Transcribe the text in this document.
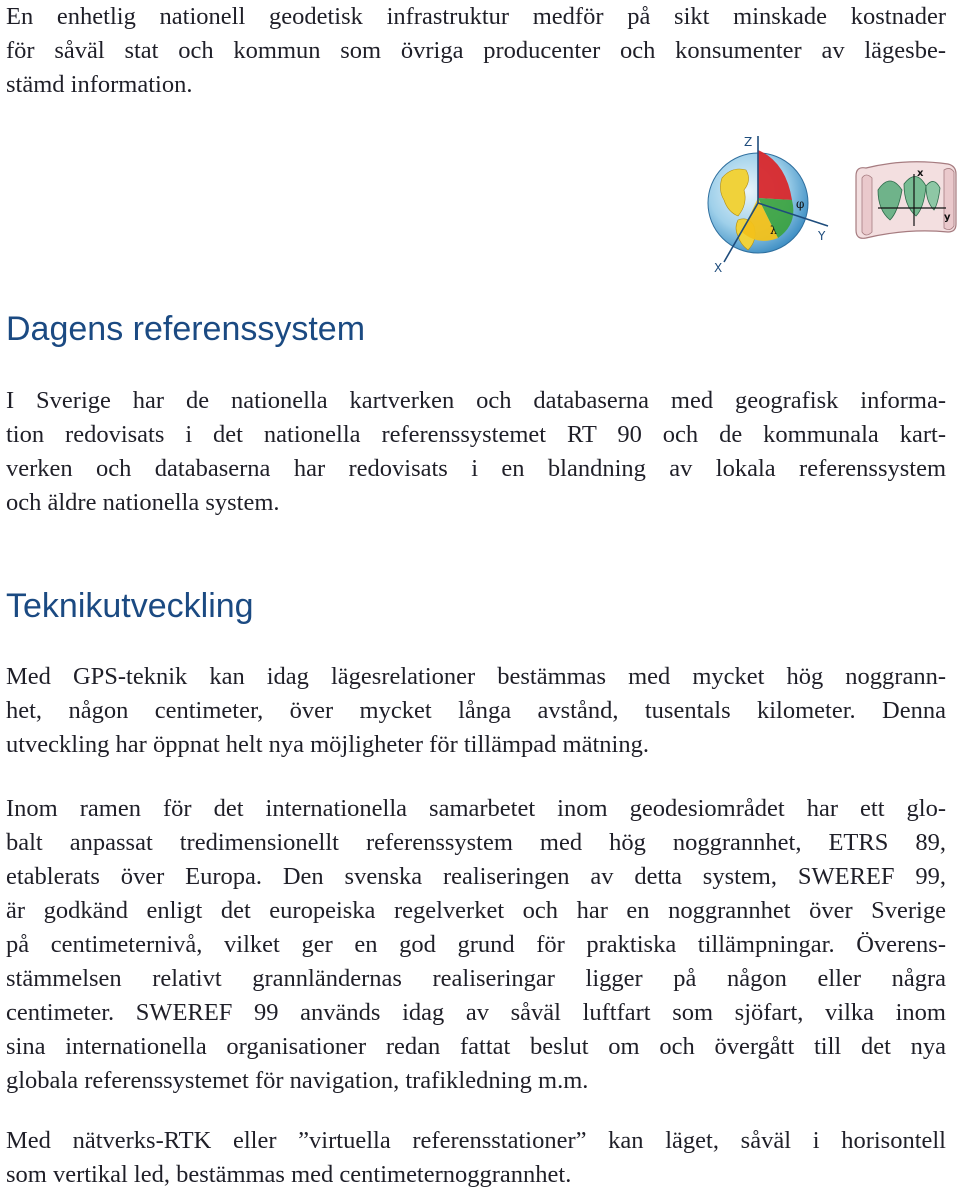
En enhetlig nationell geodetisk infrastruktur medför på sikt minskade kostnader
för såväl stat och kommun som övriga producenter och konsumenter av lägesbe-
stämd information.

Z
Y
X
φ
λ
x
y
Dagens referenssystem

I Sverige har de nationella kartverken och databaserna med geografisk informa-
tion redovisats i det nationella referenssystemet RT 90 och de kommunala kart-
verken och databaserna har redovisats i en blandning av lokala referenssystem
och äldre nationella system.

Teknikutveckling

Med GPS-teknik kan idag lägesrelationer bestämmas med mycket hög noggrann-
het, någon centimeter, över mycket långa avstånd, tusentals kilometer. Denna
utveckling har öppnat helt nya möjligheter för tillämpad mätning.

Inom ramen för det internationella samarbetet inom geodesiområdet har ett glo-
balt anpassat tredimensionellt referenssystem med hög noggrannhet, ETRS 89,
etablerats över Europa. Den svenska realiseringen av detta system, SWEREF 99,
är godkänd enligt det europeiska regelverket och har en noggrannhet över Sverige
på centimeternivå, vilket ger en god grund för praktiska tillämpningar. Överens-
stämmelsen relativt grannländernas realiseringar ligger på någon eller några
centimeter. SWEREF 99 används idag av såväl luftfart som sjöfart, vilka inom
sina internationella organisationer redan fattat beslut om och övergått till det nya
globala referenssystemet för navigation, trafikledning m.m.

Med nätverks-RTK eller ”virtuella referensstationer” kan läget, såväl i horisontell
som vertikal led, bestämmas med centimeternoggrannhet.
